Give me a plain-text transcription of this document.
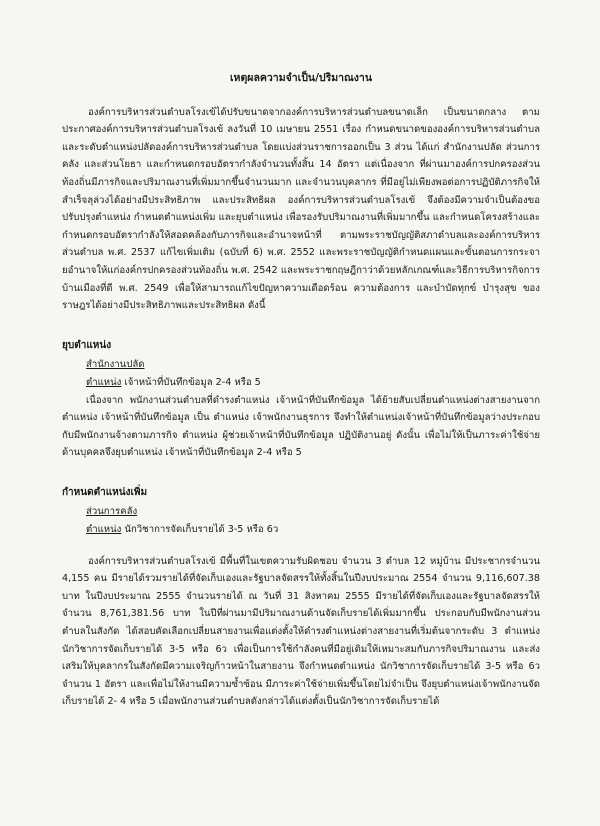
เหตุผลความจำเป็น/ปริมาณงาน

องค์การบริหารส่วนตำบลโรงเข้ได้ปรับขนาดจากองค์การบริหารส่วนตำบลขนาดเล็ก เป็นขนาดกลาง ตามประกาศองค์การบริหารส่วนตำบลโรงเข้ ลงวันที่ 10 เมษายน 2551 เรื่อง กำหนดขนาดขององค์การบริหารส่วนตำบลและระดับตำแหน่งปลัดองค์การบริหารส่วนตำบล โดยแบ่งส่วนราชการออกเป็น 3 ส่วน ได้แก่ สำนักงานปลัด ส่วนการคลัง และส่วนโยธา และกำหนดกรอบอัตรากำลังจำนวนทั้งสิ้น 14 อัตรา แต่เนื่องจาก ที่ผ่านมาองค์การปกครองส่วนท้องถิ่นมีภารกิจและปริมาณงานที่เพิ่มมากขึ้นจำนวนมาก และจำนวนบุคลากร ที่มีอยู่ไม่เพียงพอต่อการปฏิบัติภารกิจให้สำเร็จลุล่วงได้อย่างมีประสิทธิภาพ และประสิทธิผล องค์การบริหารส่วนตำบลโรงเข้ จึงต้องมีความจำเป็นต้องขอปรับปรุงตำแหน่ง กำหนดตำแหน่งเพิ่ม และยุบตำแหน่ง เพื่อรองรับปริมาณงานที่เพิ่มมากขึ้น และกำหนดโครงสร้างและกำหนดกรอบอัตรากำลังให้สอดคล้องกับภารกิจและอำนาจหน้าที่ ตามพระราชบัญญัติสภาตำบลและองค์การบริหารส่วนตำบล พ.ศ. 2537 แก้ไขเพิ่มเติม (ฉบับที่ 6) พ.ศ. 2552 และพระราชบัญญัติกำหนดแผนและขั้นตอนการกระจายอำนาจให้แก่องค์กรปกครองส่วนท้องถิ่น พ.ศ. 2542 และพระราชกฤษฎีกาว่าด้วยหลักเกณฑ์และวิธีการบริหารกิจการบ้านเมืองที่ดี พ.ศ. 2549 เพื่อให้สามารถแก้ไขปัญหาความเดือดร้อน ความต้องการ และบำบัดทุกข์ บำรุงสุข ของราษฎรได้อย่างมีประสิทธิภาพและประสิทธิผล ดังนี้

ยุบตำแหน่ง
สำนักงานปลัด
ตำแหน่ง เจ้าหน้าที่บันทึกข้อมูล 2-4 หรือ 5

เนื่องจาก พนักงานส่วนตำบลที่ดำรงตำแหน่ง เจ้าหน้าที่บันทึกข้อมูล ได้ย้ายสับเปลี่ยนตำแหน่งต่างสายงานจากตำแหน่ง เจ้าหน้าที่บันทึกข้อมูล เป็น ตำแหน่ง เจ้าพนักงานธุรการ จึงทำให้ตำแหน่งเจ้าหน้าที่บันทึกข้อมูลว่างประกอบกับมีพนักงานจ้างตามภารกิจ ตำแหน่ง ผู้ช่วยเจ้าหน้าที่บันทึกข้อมูล ปฏิบัติงานอยู่ ดังนั้น เพื่อไม่ให้เป็นภาระค่าใช้จ่ายด้านบุคคลจึงยุบตำแหน่ง เจ้าหน้าที่บันทึกข้อมูล 2-4 หรือ 5

กำหนดตำแหน่งเพิ่ม
ส่วนการคลัง
ตำแหน่ง นักวิชาการจัดเก็บรายได้ 3-5 หรือ 6ว

องค์การบริหารส่วนตำบลโรงเข้ มีพื้นที่ในเขตความรับผิดชอบ จำนวน 3 ตำบล 12 หมู่บ้าน มีประชากรจำนวน 4,155 คน มีรายได้รวมรายได้ที่จัดเก็บเองและรัฐบาลจัดสรรให้ทั้งสิ้นในปีงบประมาณ 2554 จำนวน 9,116,607.38 บาท ในปีงบประมาณ 2555 จำนวนรายได้ ณ วันที่ 31 สิงหาคม 2555 มีรายได้ที่จัดเก็บเองและรัฐบาลจัดสรรให้ จำนวน 8,761,381.56 บาท ในปีที่ผ่านมามีปริมาณงานด้านจัดเก็บรายได้เพิ่มมากขึ้น ประกอบกับมีพนักงานส่วนตำบลในสังกัด ได้สอบคัดเลือกเปลี่ยนสายงานเพื่อแต่งตั้งให้ดำรงตำแหน่งต่างสายงานที่เริ่มต้นจากระดับ 3 ตำแหน่ง นักวิชาการจัดเก็บรายได้ 3-5 หรือ 6ว เพื่อเป็นการใช้กำลังคนที่มีอยู่เดิมให้เหมาะสมกับภารกิจปริมาณงาน และส่งเสริมให้บุคลากรในสังกัดมีความเจริญก้าวหน้าในสายงาน จึงกำหนดตำแหน่ง นักวิชาการจัดเก็บรายได้ 3-5 หรือ 6ว จำนวน 1 อัตรา และเพื่อไม่ให้งานมีความซ้ำซ้อน มีภาระค่าใช้จ่ายเพิ่มขึ้นโดยไม่จำเป็น จึงยุบตำแหน่งเจ้าพนักงานจัดเก็บรายได้ 2- 4 หรือ 5 เมื่อพนักงานส่วนตำบลดังกล่าวได้แต่งตั้งเป็นนักวิชาการจัดเก็บรายได้
